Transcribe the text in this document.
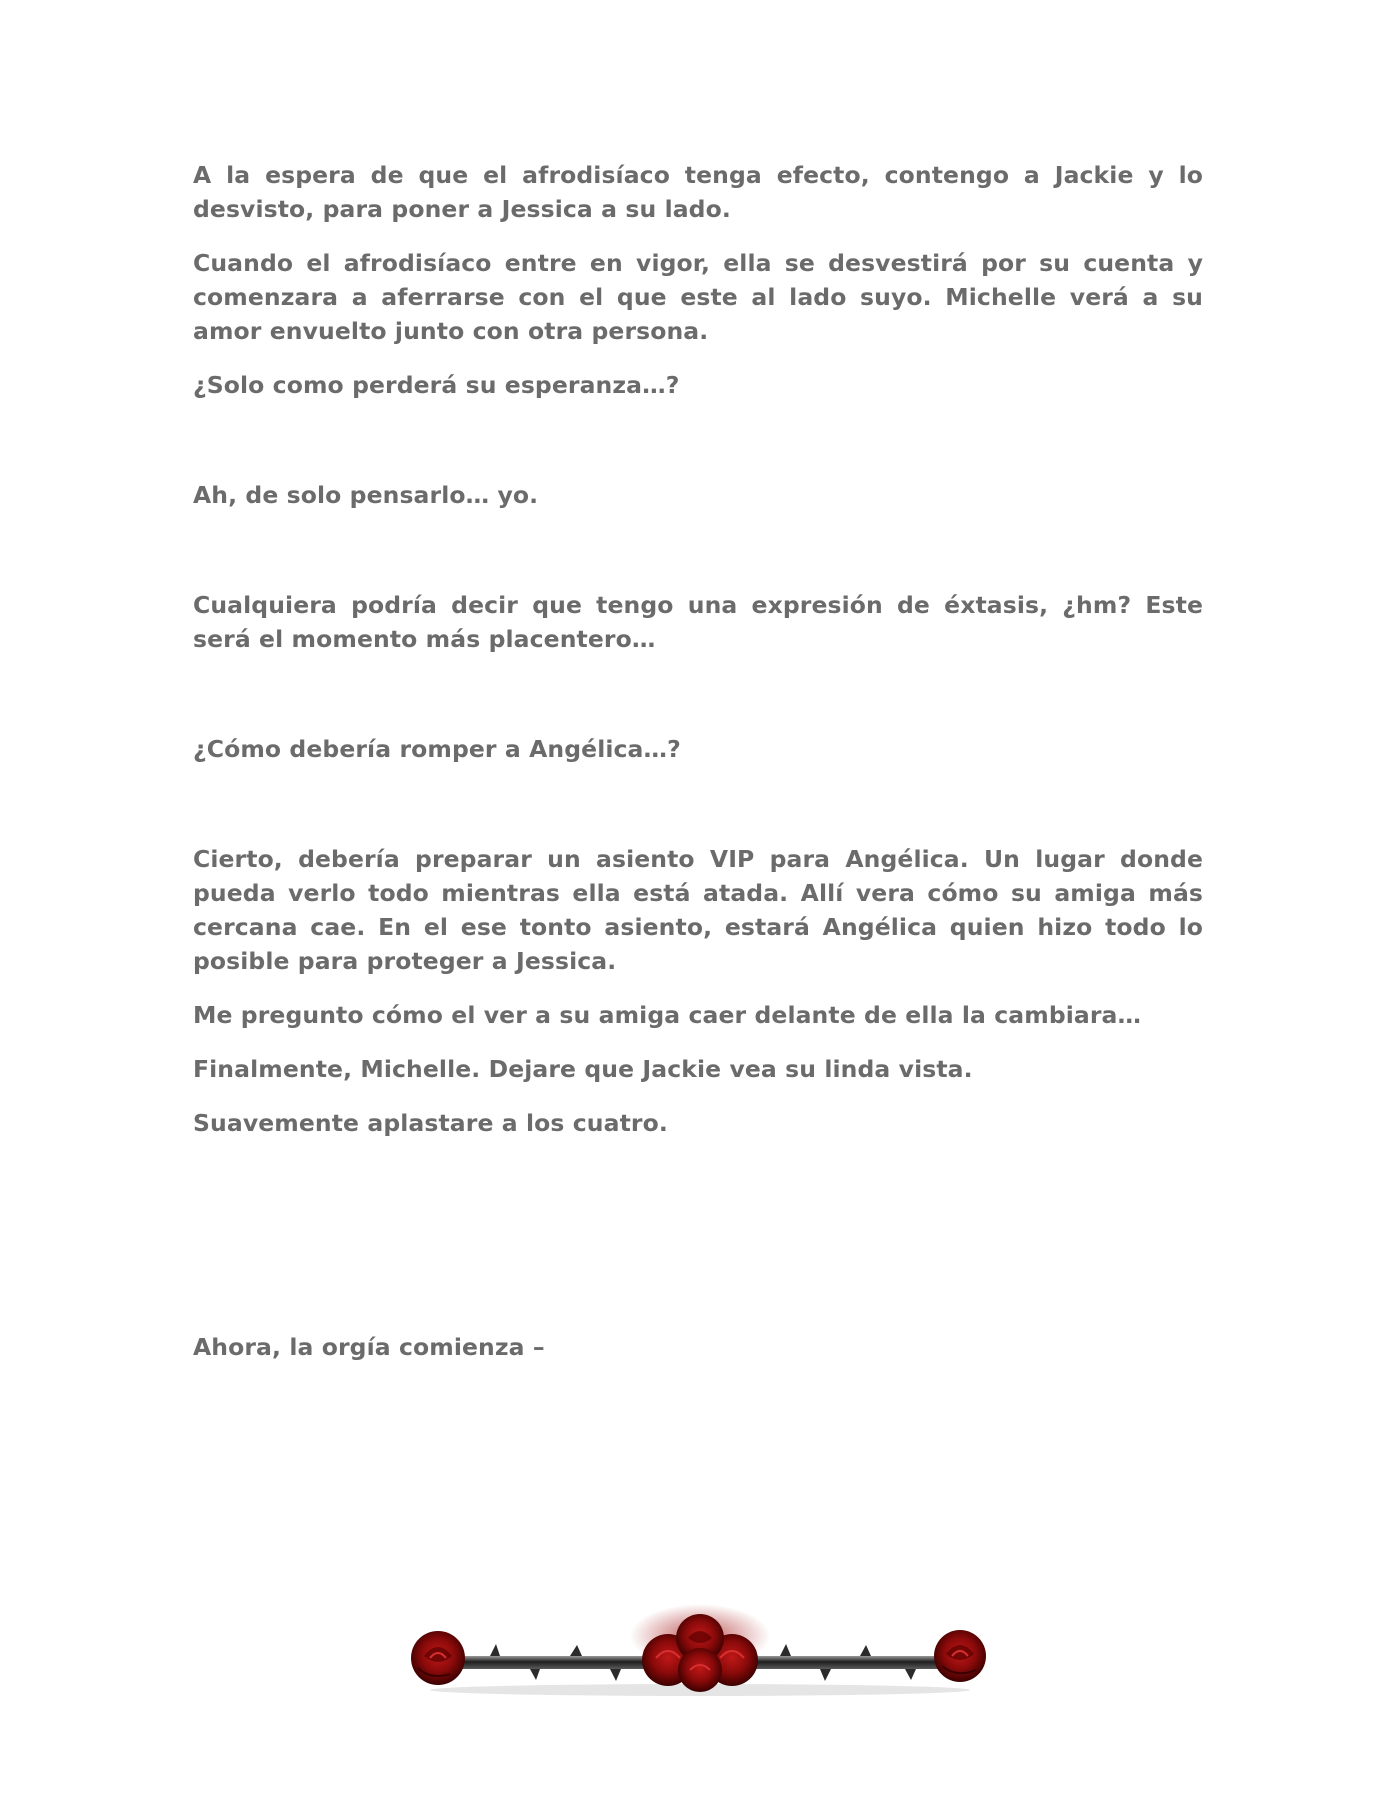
A la espera de que el afrodisíaco tenga efecto, contengo a Jackie y lo desvisto, para poner a Jessica a su lado.

Cuando el afrodisíaco entre en vigor, ella se desvestirá por su cuenta y comenzara a aferrarse con el que este al lado suyo. Michelle verá a su amor envuelto junto con otra persona.

¿Solo como perderá su esperanza…?

Ah, de solo pensarlo… yo.

Cualquiera podría decir que tengo una expresión de éxtasis, ¿hm? Este será el momento más placentero…

¿Cómo debería romper a Angélica…?

Cierto, debería preparar un asiento VIP para Angélica. Un lugar donde pueda verlo todo mientras ella está atada. Allí vera cómo su amiga más cercana cae. En el ese tonto asiento, estará Angélica quien hizo todo lo posible para proteger a Jessica.

Me pregunto cómo el ver a su amiga caer delante de ella la cambiara…

Finalmente, Michelle. Dejare que Jackie vea su linda vista.

Suavemente aplastare a los cuatro.

Ahora, la orgía comienza –
